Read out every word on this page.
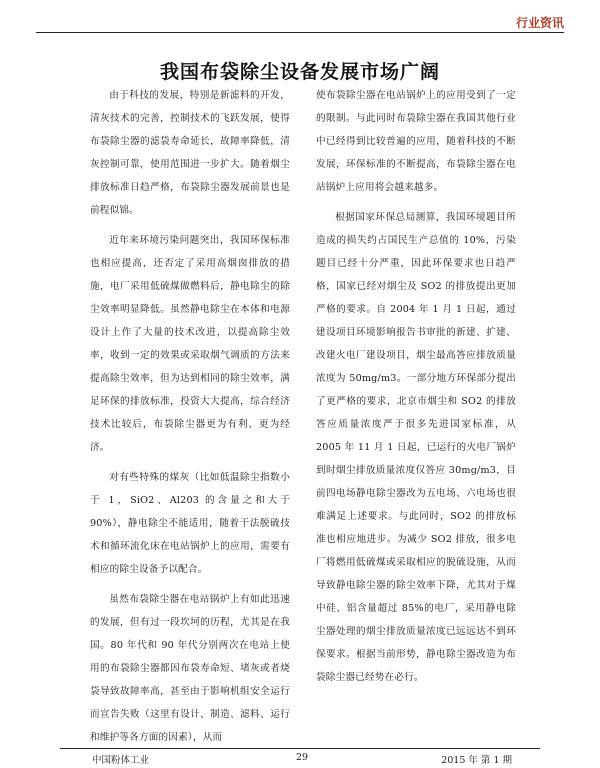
行业资讯
我国布袋除尘设备发展市场广阔

由于科技的发展，特别是新滤料的开发，清灰技术的完善，控制技术的飞跃发展，使得布袋除尘器的滤袋寿命延长，故障率降低，清灰控制可靠，使用范围进一步扩大。随着烟尘排放标准日趋严格，布袋除尘器发展前景也是前程似锦。

近年来环境污染问题突出，我国环保标准也相应提高，还否定了采用高烟囱排放的措施，电厂采用低硫煤做燃料后，静电除尘的除尘效率明显降低。虽然静电除尘在本体和电源设计上作了大量的技术改进，以提高除尘效率，收到一定的效果或采取烟气调质的方法来提高除尘效率，但为达到相同的除尘效率，满足环保的排放标准，投资大大提高，综合经济技术比较后，布袋除尘器更为有利、更为经济。

对有些特殊的煤灰（比如低温除尘指数小于 1，SiO2、Al203 的含量之和大于 90%），静电除尘不能适用，随着干法脱硫技术和循环流化床在电站锅炉上的应用，需要有相应的除尘设备予以配合。

虽然布袋除尘器在电站锅炉上有如此迅速的发展，但有过一段坎坷的历程，尤其是在我国。80 年代和 90 年代分别两次在电站上使用的布袋除尘器都因布袋寿命短、堵灰或者烧袋导致故障率高，甚至由于影响机组安全运行而宣告失败（这里有设计、制造、滤料、运行和维护等各方面的因素），从而

使布袋除尘器在电站锅炉上的应用受到了一定的限制。与此同时布袋除尘器在我国其他行业中已经得到比较普遍的应用，随着科技的不断发展，环保标准的不断提高，布袋除尘器在电站锅炉上应用将会越来越多。

根据国家环保总局测算，我国环境题目所造成的损失约占国民生产总值的 10%，污染题目已经十分严重，因此环保要求也日趋严格，国家已经对烟尘及 SO2 的排放提出更加严格的要求。自 2004 年 1 月 1 日起，通过建设项目环境影响报告书审批的新建、扩建、改建火电厂建设项目，烟尘最高答应排放质量浓度为 50mg/m3。一部分地方环保部分提出了更严格的要求，北京市烟尘和 SO2 的排放答应质量浓度严于很多先进国家标准，从 2005 年 11 月 1 日起，已运行的火电厂锅炉到时烟尘排放质量浓度仅答应 30mg/m3，目前四电场静电除尘器改为五电场、六电场也很难满足上述要求。与此同时，SO2 的排放标准也相应地进步。为减少 SO2 排放，很多电厂将燃用低硫煤或采取相应的脱硫设施，从而导致静电除尘器的除尘效率下降，尤其对于煤中硅、铝含量超过 85%的电厂，采用静电除尘器处理的烟尘排放质量浓度已远远达不到环保要求。根据当前形势，静电除尘器改造为布袋除尘器已经势在必行。

中国粉体工业	29	2015 年 第 1 期
